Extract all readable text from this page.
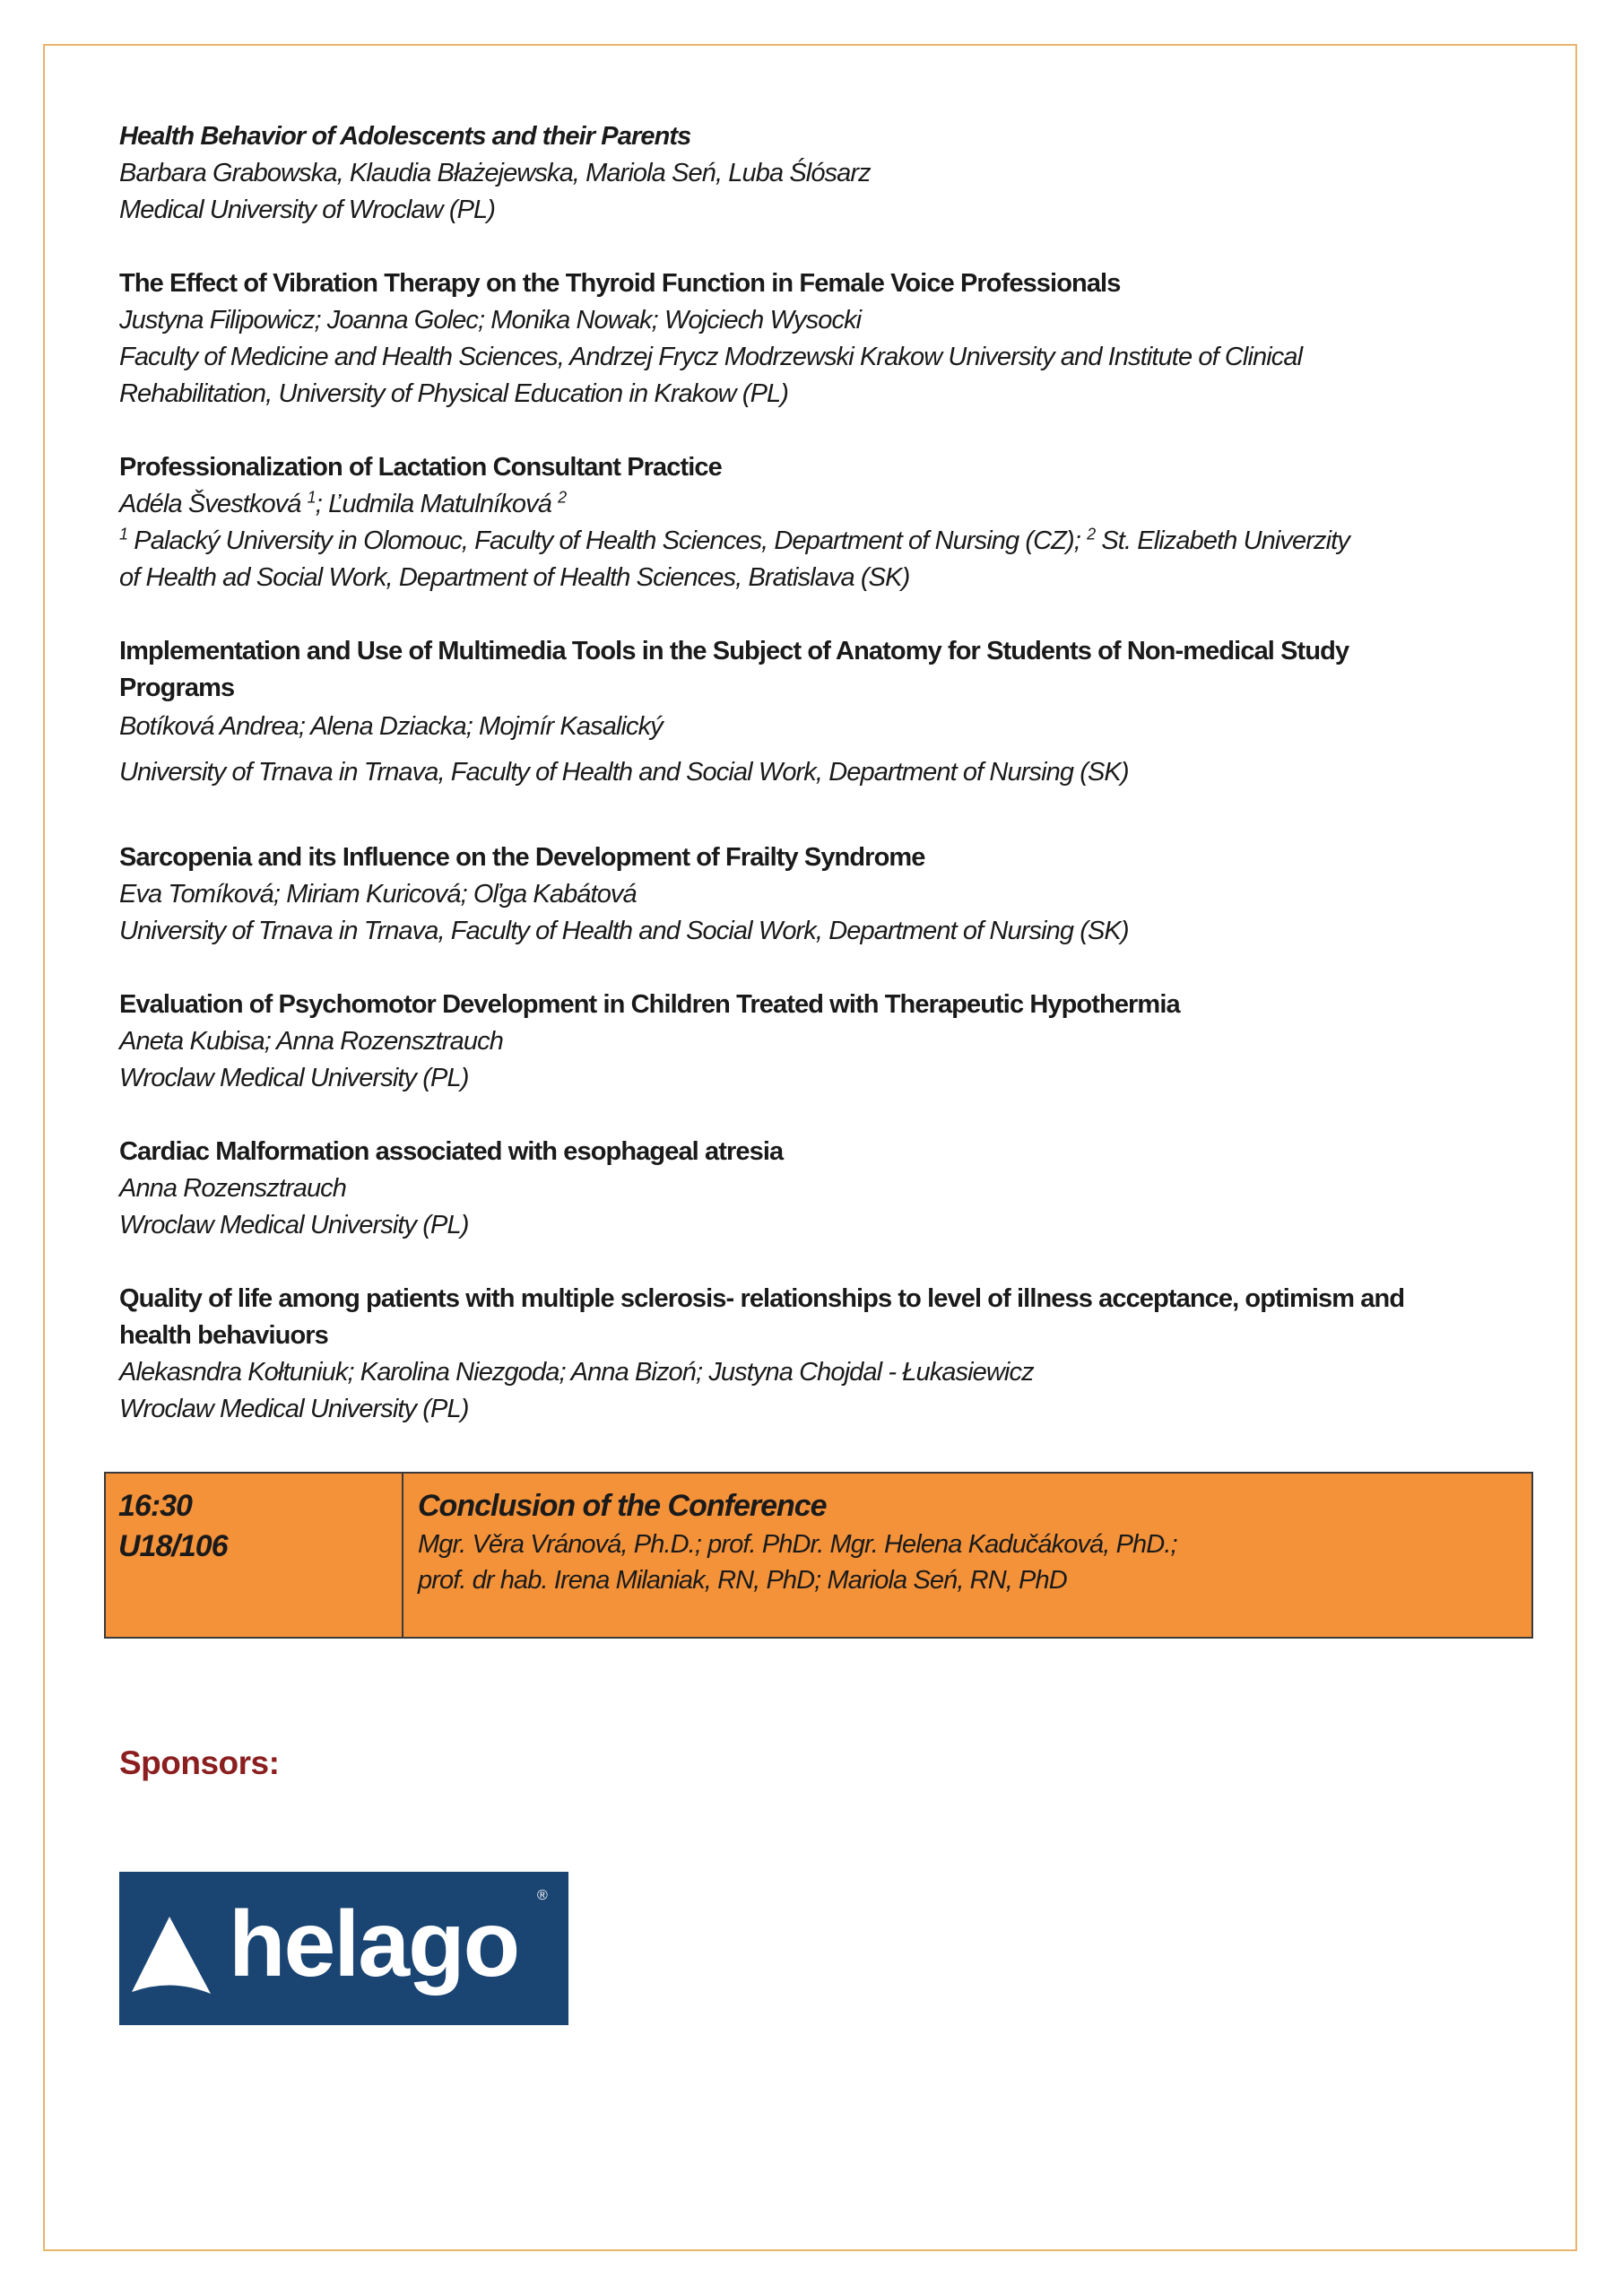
Health Behavior of Adolescents and their Parents
Barbara Grabowska, Klaudia Błażejewska, Mariola Seń, Luba Ślósarz
Medical University of Wroclaw (PL)
The Effect of Vibration Therapy on the Thyroid Function in Female Voice Professionals
Justyna Filipowicz; Joanna Golec; Monika Nowak; Wojciech Wysocki
Faculty of Medicine and Health Sciences, Andrzej Frycz Modrzewski Krakow University and Institute of Clinical
Rehabilitation, University of Physical Education in Krakow (PL)
Professionalization of Lactation Consultant Practice
Adéla Švestková $^1$; Ľudmila Matulníková $^2$
$^1$ Palacký University in Olomouc, Faculty of Health Sciences, Department of Nursing (CZ); $^2$ St. Elizabeth Univerzity
of Health ad Social Work, Department of Health Sciences, Bratislava (SK)
Implementation and Use of Multimedia Tools in the Subject of Anatomy for Students of Non-medical Study
Programs
Botíková Andrea; Alena Dziacka; Mojmír Kasalický
University of Trnava in Trnava, Faculty of Health and Social Work, Department of Nursing (SK)
Sarcopenia and its Influence on the Development of Frailty Syndrome
Eva Tomíková; Miriam Kuricová; Oľga Kabátová
University of Trnava in Trnava, Faculty of Health and Social Work, Department of Nursing (SK)
Evaluation of Psychomotor Development in Children Treated with Therapeutic Hypothermia
Aneta Kubisa; Anna Rozensztrauch
Wroclaw Medical University (PL)
Cardiac Malformation associated with esophageal atresia
Anna Rozensztrauch
Wroclaw Medical University (PL)
Quality of life among patients with multiple sclerosis- relationships to level of illness acceptance, optimism and
health behaviuors
Alekasndra Kołtuniuk; Karolina Niezgoda; Anna Bizoń; Justyna Chojdal - Łukasiewicz
Wroclaw Medical University (PL)
16:30
U18/106
Conclusion of the Conference
Mgr. Věra Vránová, Ph.D.; prof. PhDr. Mgr. Helena Kadučáková, PhD.;
prof. dr hab. Irena Milaniak, RN, PhD; Mariola Seń, RN, PhD
Sponsors:
helago ®
